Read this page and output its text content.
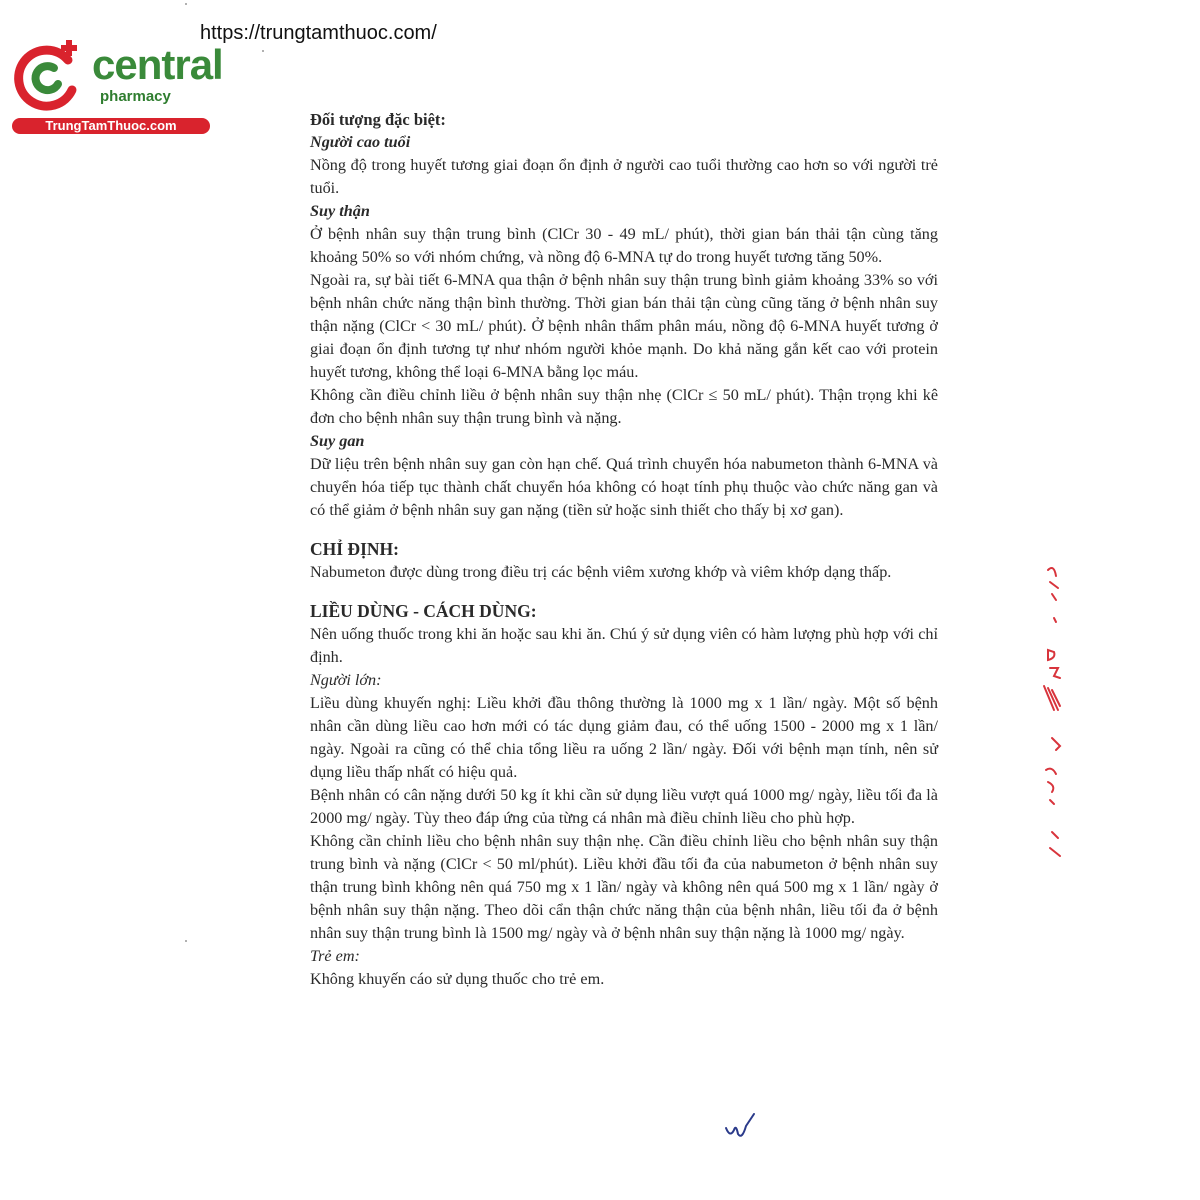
https://trungtamthuoc.com/
central
pharmacy
TrungTamThuoc.com	Đối tượng đặc biệt:

Người cao tuổi

Nồng độ trong huyết tương giai đoạn ổn định ở người cao tuổi thường cao hơn so với người trẻ tuổi.

Suy thận

Ở bệnh nhân suy thận trung bình (ClCr 30 - 49 mL/ phút), thời gian bán thải tận cùng tăng khoảng 50% so với nhóm chứng, và nồng độ 6-MNA tự do trong huyết tương tăng 50%.

Ngoài ra, sự bài tiết 6-MNA qua thận ở bệnh nhân suy thận trung bình giảm khoảng 33% so với bệnh nhân chức năng thận bình thường. Thời gian bán thải tận cùng cũng tăng ở bệnh nhân suy thận nặng (ClCr < 30 mL/ phút). Ở bệnh nhân thẩm phân máu, nồng độ 6-MNA huyết tương ở giai đoạn ổn định tương tự như nhóm người khỏe mạnh. Do khả năng gắn kết cao với protein huyết tương, không thể loại 6-MNA bằng lọc máu.

Không cần điều chỉnh liều ở bệnh nhân suy thận nhẹ (ClCr ≤ 50 mL/ phút). Thận trọng khi kê đơn cho bệnh nhân suy thận trung bình và nặng.

Suy gan

Dữ liệu trên bệnh nhân suy gan còn hạn chế. Quá trình chuyển hóa nabumeton thành 6-MNA và chuyển hóa tiếp tục thành chất chuyển hóa không có hoạt tính phụ thuộc vào chức năng gan và có thể giảm ở bệnh nhân suy gan nặng (tiền sử hoặc sinh thiết cho thấy bị xơ gan).

CHỈ ĐỊNH:

Nabumeton được dùng trong điều trị các bệnh viêm xương khớp và viêm khớp dạng thấp.

LIỀU DÙNG - CÁCH DÙNG:

Nên uống thuốc trong khi ăn hoặc sau khi ăn. Chú ý sử dụng viên có hàm lượng phù hợp với chỉ định.

Người lớn:

Liều dùng khuyến nghị: Liều khởi đầu thông thường là 1000 mg x 1 lần/ ngày. Một số bệnh nhân cần dùng liều cao hơn mới có tác dụng giảm đau, có thể uống 1500 - 2000 mg x 1 lần/ ngày. Ngoài ra cũng có thể chia tổng liều ra uống 2 lần/ ngày. Đối với bệnh mạn tính, nên sử dụng liều thấp nhất có hiệu quả.

Bệnh nhân có cân nặng dưới 50 kg ít khi cần sử dụng liều vượt quá 1000 mg/ ngày, liều tối đa là 2000 mg/ ngày. Tùy theo đáp ứng của từng cá nhân mà điều chỉnh liều cho phù hợp.

Không cần chỉnh liều cho bệnh nhân suy thận nhẹ. Cần điều chỉnh liều cho bệnh nhân suy thận trung bình và nặng (ClCr < 50 ml/phút). Liều khởi đầu tối đa của nabumeton ở bệnh nhân suy thận trung bình không nên quá 750 mg x 1 lần/ ngày và không nên quá 500 mg x 1 lần/ ngày ở bệnh nhân suy thận nặng. Theo dõi cẩn thận chức năng thận của bệnh nhân, liều tối đa ở bệnh nhân suy thận trung bình là 1500 mg/ ngày và ở bệnh nhân suy thận nặng là 1000 mg/ ngày.

Trẻ em:

Không khuyến cáo sử dụng thuốc cho trẻ em.
